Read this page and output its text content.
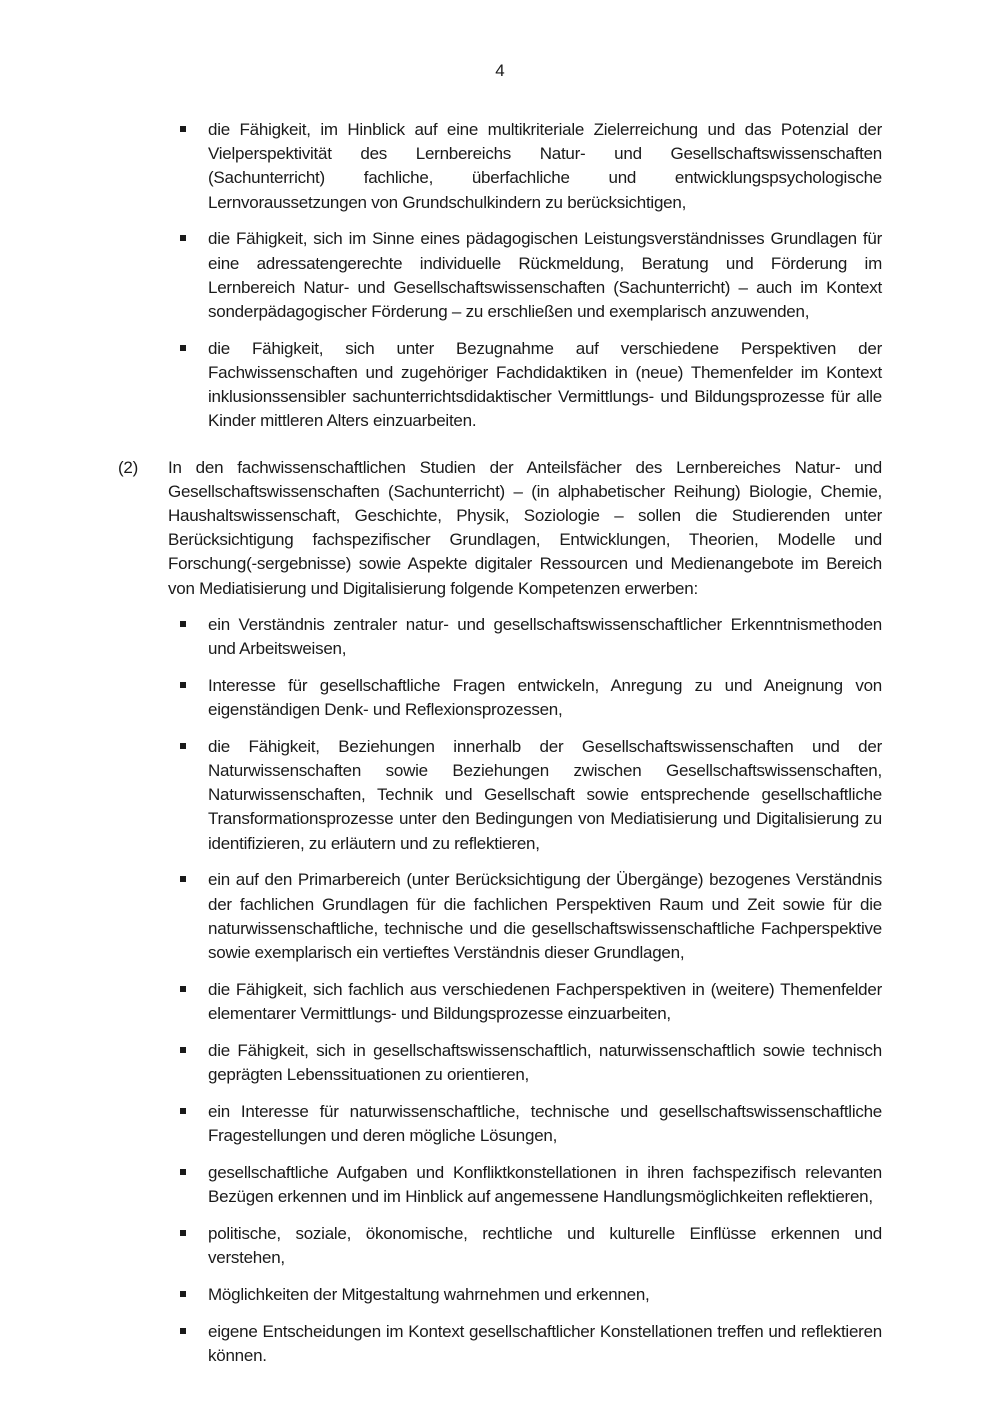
4
die Fähigkeit, im Hinblick auf eine multikriteriale Zielerreichung und das Potenzial der Vielperspektivität des Lernbereichs Natur- und Gesellschaftswissenschaften (Sachunterricht) fachliche, überfachliche und entwicklungspsychologische Lernvoraussetzungen von Grundschulkindern zu berücksichtigen,
die Fähigkeit, sich im Sinne eines pädagogischen Leistungsverständnisses Grundlagen für eine adressatengerechte individuelle Rückmeldung, Beratung und Förderung im Lernbereich Natur- und Gesellschaftswissenschaften (Sachunterricht) – auch im Kontext sonderpädagogischer Förderung – zu erschließen und exemplarisch anzuwenden,
die Fähigkeit, sich unter Bezugnahme auf verschiedene Perspektiven der Fachwissenschaften und zugehöriger Fachdidaktiken in (neue) Themenfelder im Kontext inklusionssensibler sachunterrichtsdidaktischer Vermittlungs- und Bildungsprozesse für alle Kinder mittleren Alters einzuarbeiten.
(2) In den fachwissenschaftlichen Studien der Anteilsfächer des Lernbereiches Natur- und Gesellschaftswissenschaften (Sachunterricht) – (in alphabetischer Reihung) Biologie, Chemie, Haushaltswissenschaft, Geschichte, Physik, Soziologie – sollen die Studierenden unter Berücksichtigung fachspezifischer Grundlagen, Entwicklungen, Theorien, Modelle und Forschung(-sergebnisse) sowie Aspekte digitaler Ressourcen und Medienangebote im Bereich von Mediatisierung und Digitalisierung folgende Kompetenzen erwerben:
ein Verständnis zentraler natur- und gesellschaftswissenschaftlicher Erkenntnismethoden und Arbeitsweisen,
Interesse für gesellschaftliche Fragen entwickeln, Anregung zu und Aneignung von eigenständigen Denk- und Reflexionsprozessen,
die Fähigkeit, Beziehungen innerhalb der Gesellschaftswissenschaften und der Naturwissenschaften sowie Beziehungen zwischen Gesellschaftswissenschaften, Naturwissenschaften, Technik und Gesellschaft sowie entsprechende gesellschaftliche Transformationsprozesse unter den Bedingungen von Mediatisierung und Digitalisierung zu identifizieren, zu erläutern und zu reflektieren,
ein auf den Primarbereich (unter Berücksichtigung der Übergänge) bezogenes Verständnis der fachlichen Grundlagen für die fachlichen Perspektiven Raum und Zeit sowie für die naturwissenschaftliche, technische und die gesellschaftswissenschaftliche Fachperspektive sowie exemplarisch ein vertieftes Verständnis dieser Grundlagen,
die Fähigkeit, sich fachlich aus verschiedenen Fachperspektiven in (weitere) Themenfelder elementarer Vermittlungs- und Bildungsprozesse einzuarbeiten,
die Fähigkeit, sich in gesellschaftswissenschaftlich, naturwissenschaftlich sowie technisch geprägten Lebenssituationen zu orientieren,
ein Interesse für naturwissenschaftliche, technische und gesellschaftswissenschaftliche Fragestellungen und deren mögliche Lösungen,
gesellschaftliche Aufgaben und Konfliktkonstellationen in ihren fachspezifisch relevanten Bezügen erkennen und im Hinblick auf angemessene Handlungsmöglichkeiten reflektieren,
politische, soziale, ökonomische, rechtliche und kulturelle Einflüsse erkennen und verstehen,
Möglichkeiten der Mitgestaltung wahrnehmen und erkennen,
eigene Entscheidungen im Kontext gesellschaftlicher Konstellationen treffen und reflektieren können.
